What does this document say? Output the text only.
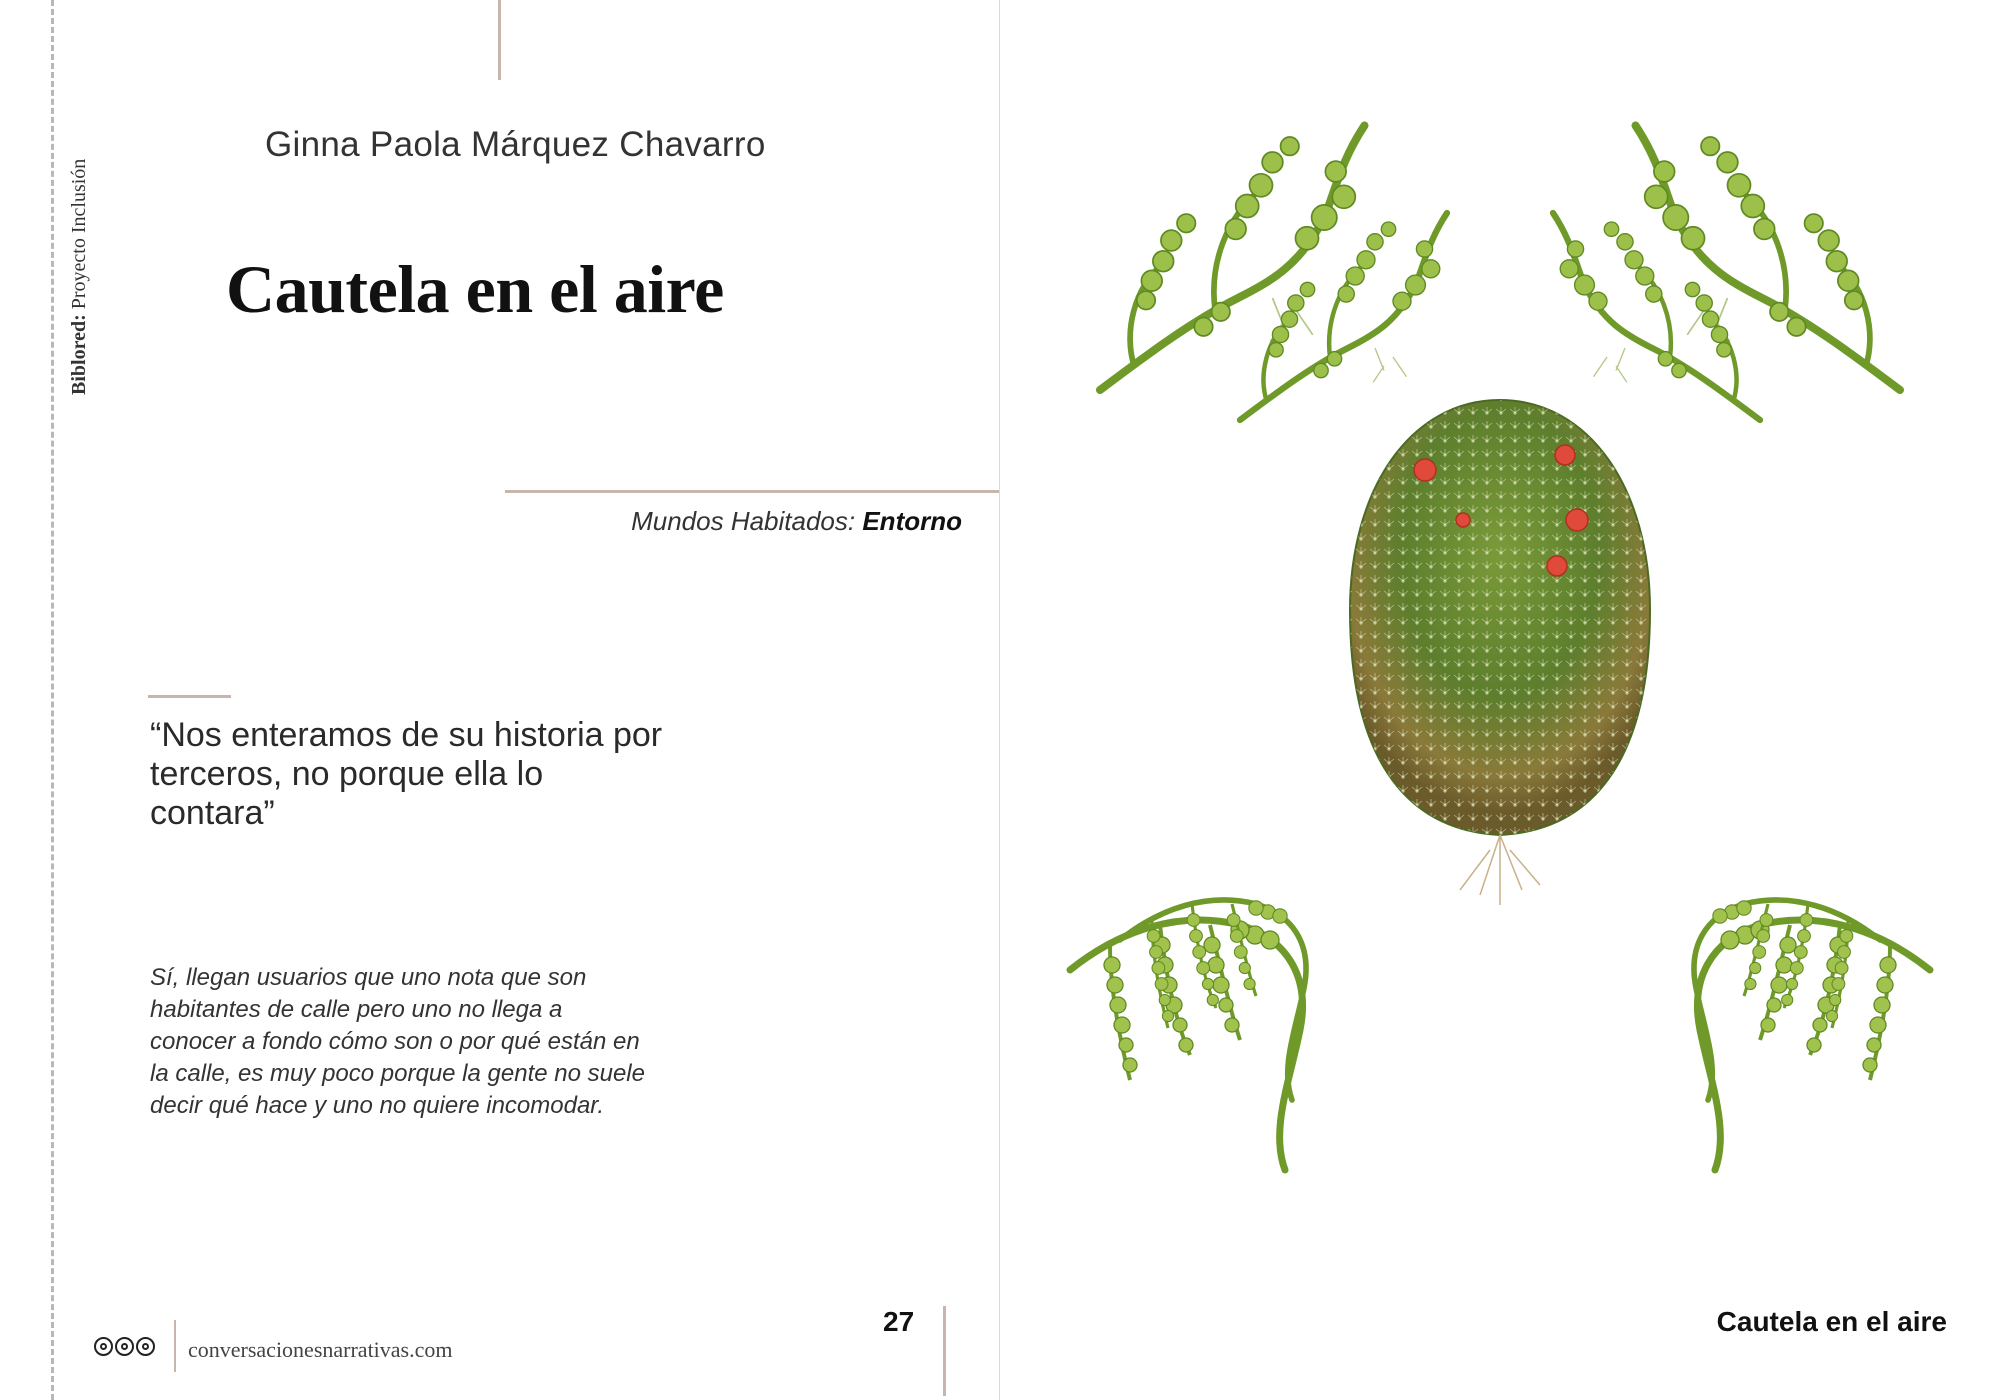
Biblored: Proyecto Inclusión
Ginna Paola Márquez Chavarro
Cautela en el aire
Mundos Habitados: Entorno
“Nos enteramos de su historia por terceros, no porque ella lo contara”
Sí, llegan usuarios que uno nota que son habitantes de calle pero uno no llega a conocer a fondo cómo son o por qué están en la calle, es muy poco porque la gente no suele decir qué hace y uno no quiere incomodar.
27
conversacionesnarrativas.com
Cautela en el aire
